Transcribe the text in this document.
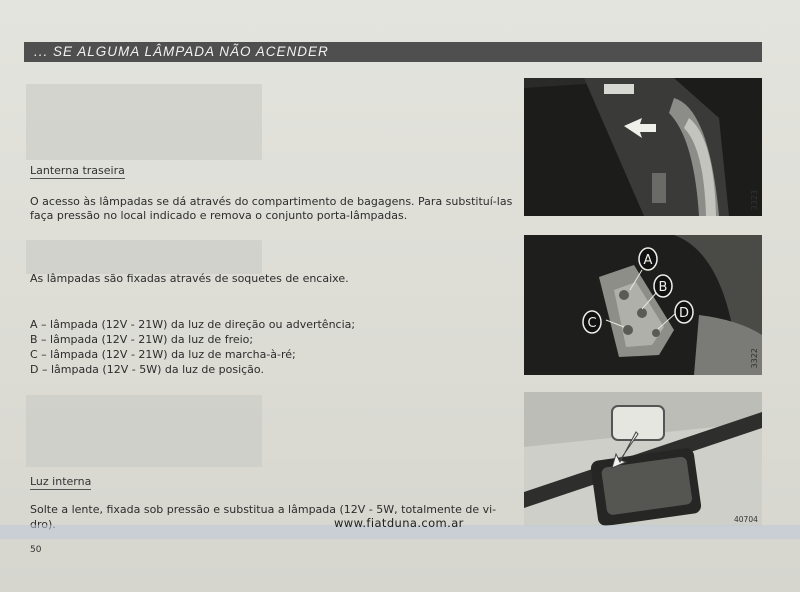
... SE ALGUMA LÂMPADA NÃO ACENDER
Lanterna traseira
O acesso às lâmpadas se dá através do compartimento de bagagens. Para substituí-las
faça pressão no local indicado e remova o conjunto porta-lâmpadas.
As lâmpadas são fixadas através de soquetes de encaixe.
A – lâmpada (12V - 21W) da luz de direção ou advertência;
B – lâmpada (12V - 21W) da luz de freio;
C – lâmpada (12V - 21W) da luz de marcha-à-ré;
D – lâmpada (12V - 5W) da luz de posição.
Luz interna
Solte a lente, fixada sob pressão e substitua a lâmpada (12V - 5W, totalmente de vi-
3323
A
B
C
D
3322
40704
www.fiatduna.com.ar
50
